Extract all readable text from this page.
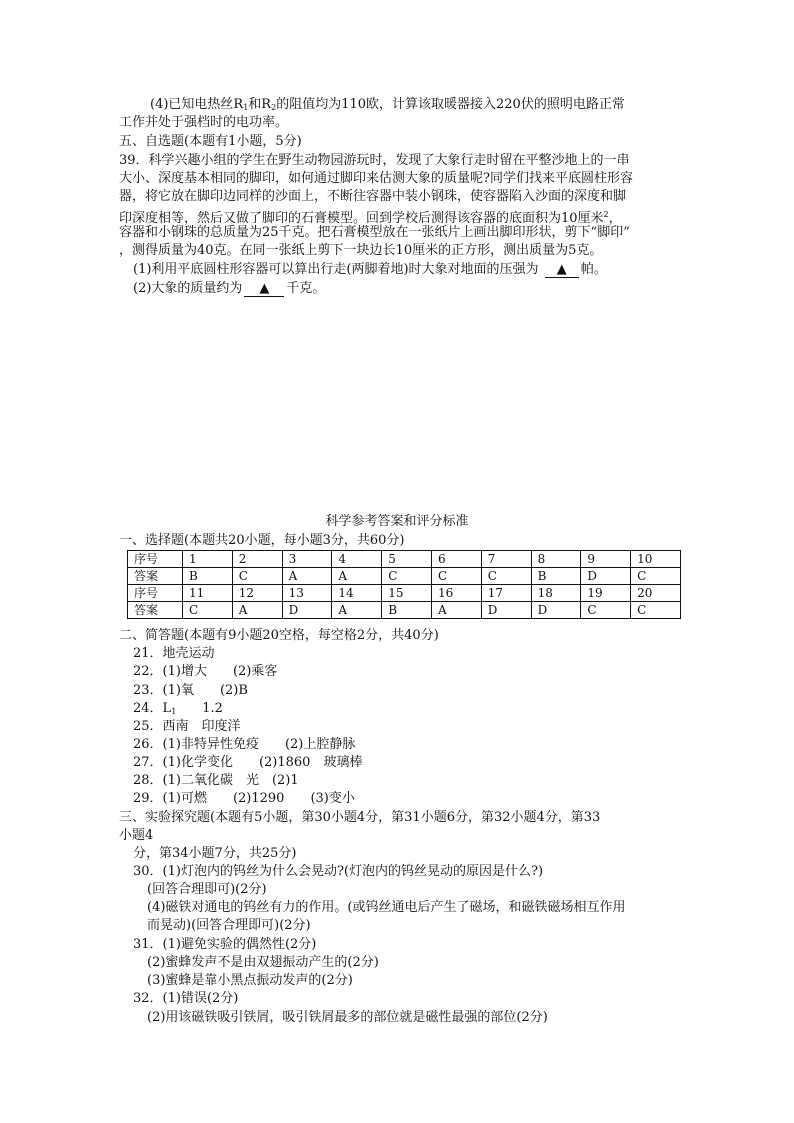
(4)已知电热丝$R_1$和$R_2$的阻值均为110欧，计算该取暖器接入220伏的照明电路正常
工作并处于强档时的电功率。
五、自选题(本题有1小题，5分)
39．科学兴趣小组的学生在野生动物园游玩时，发现了大象行走时留在平整沙地上的一串
大小、深度基本相同的脚印，如何通过脚印来估测大象的质量呢?同学们找来平底圆柱形容
器，将它放在脚印边同样的沙面上，不断往容器中装小钢珠，使容器陷入沙面的深度和脚
印深度相等，然后又做了脚印的石膏模型。回到学校后测得该容器的底面积为10厘米$^2$，
容器和小钢珠的总质量为25千克。把石膏模型放在一张纸片上画出脚印形状，剪下“脚印”
，测得质量为40克。在同一张纸上剪下一块边长10厘米的正方形，测出质量为5克。
(1)利用平底圆柱形容器可以算出行走(两脚着地)时大象对地面的压强为 ▲ 帕。
(2)大象的质量约为 ▲ 千克。
科学参考答案和评分标准
一、选择题(本题共20小题，每小题3分，共60分)
序号	1	2	3	4	5	6	7	8	9	10
答案	B	C	A	A	C	C	C	B	D	C
序号	11	12	13	14	15	16	17	18	19	20
答案	C	A	D	A	B	A	D	D	C	C
二、简答题(本题有9小题20空格，每空格2分，共40分)
21．地壳运动
22．(1)增大　　(2)乘客
23．(1)氧　　(2)B
24．$L_1$　　1.2
25．西南　印度洋
26．(1)非特异性免疫　　(2)上腔静脉
27．(1)化学变化　　(2)1860　玻璃棒
28．(1)二氧化碳　光　(2)1
29．(1)可燃　　(2)1290　　(3)变小
三、实验探究题(本题有5小题，第30小题4分，第31小题6分，第32小题4分，第33
小题4
分，第34小题7分，共25分)
30．(1)灯泡内的钨丝为什么会晃动?(灯泡内的钨丝晃动的原因是什么?)
(回答合理即可)(2分)
(4)磁铁对通电的钨丝有力的作用。(或钨丝通电后产生了磁场，和磁铁磁场相互作用
而晃动)(回答合理即可)(2分)
31．(1)避免实验的偶然性(2分)
(2)蜜蜂发声不是由双翅振动产生的(2分)
(3)蜜蜂是靠小黑点振动发声的(2分)
32．(1)错误(2分)
(2)用该磁铁吸引铁屑，吸引铁屑最多的部位就是磁性最强的部位(2分)
